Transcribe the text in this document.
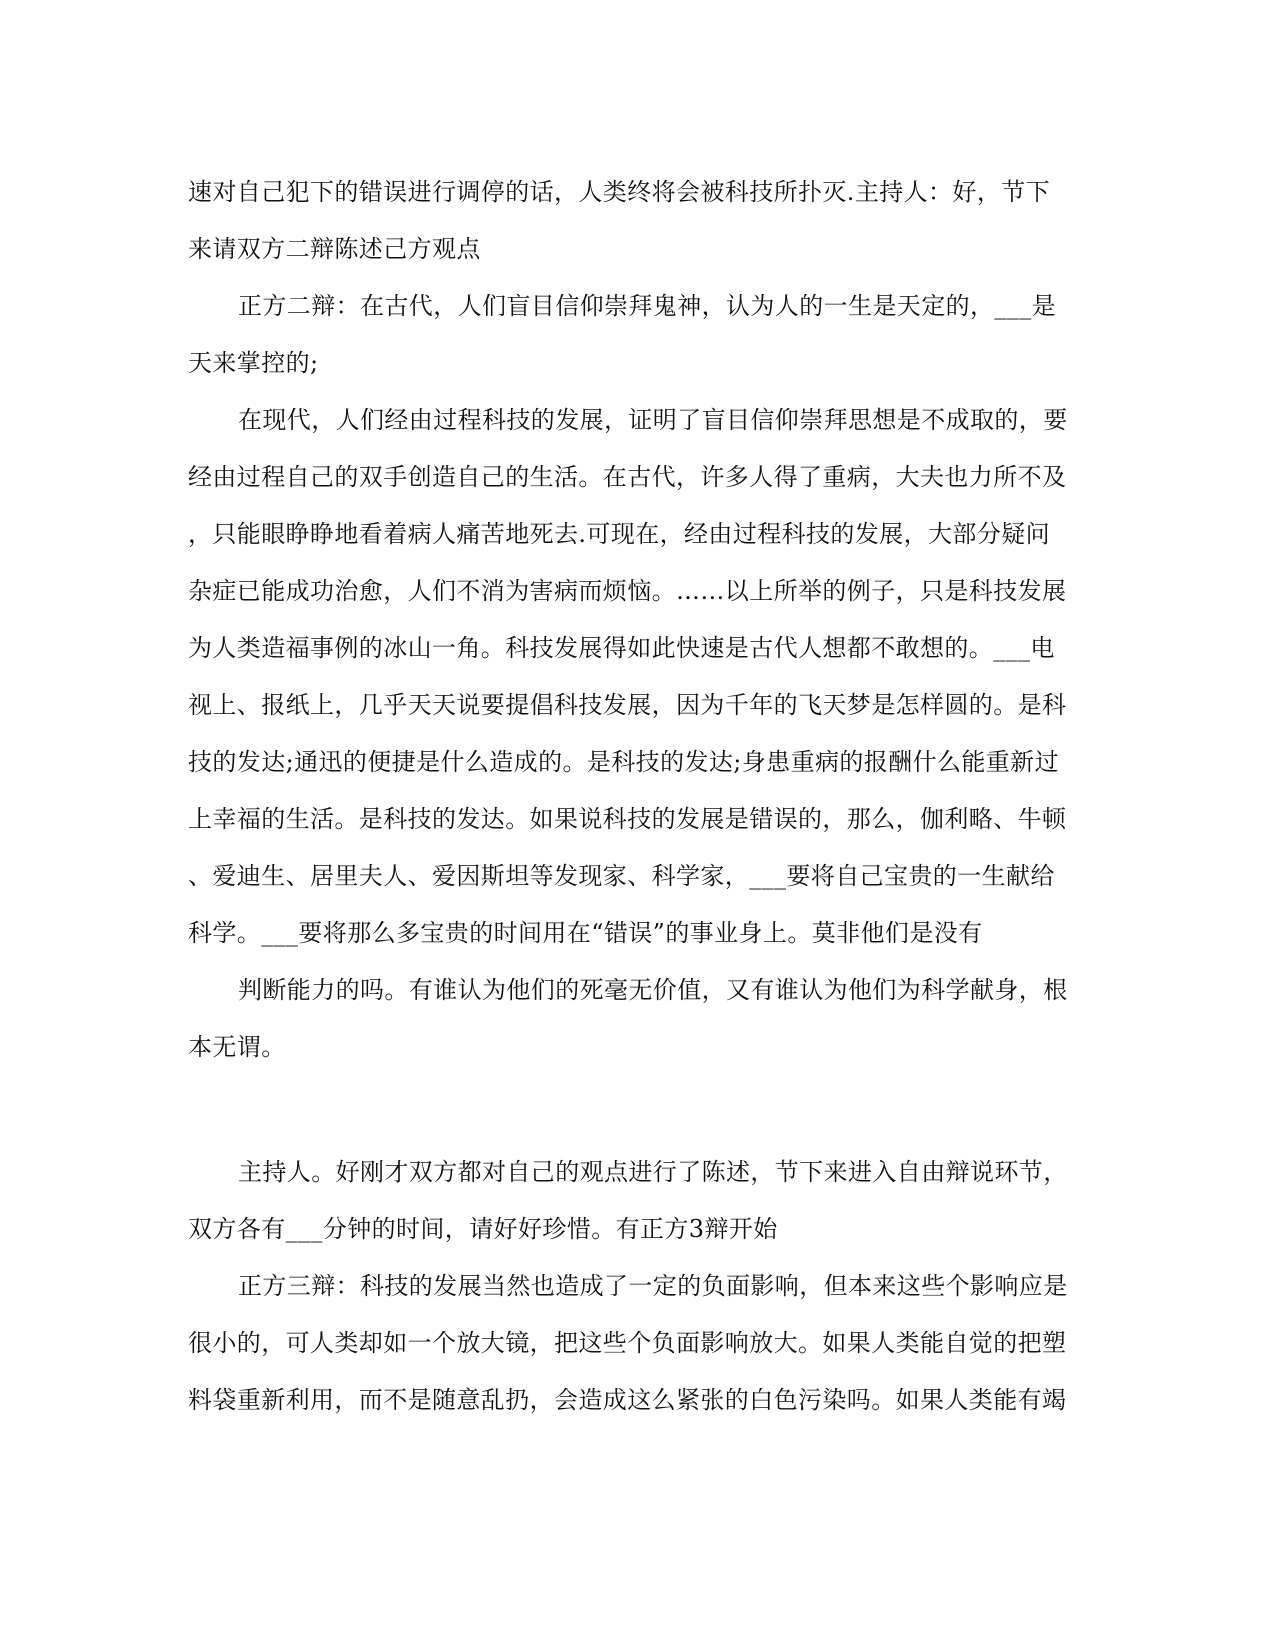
速对自己犯下的错误进行调停的话，人类终将会被科技所扑灭.主持人：好，节下
来请双方二辩陈述己方观点
正方二辩：在古代，人们盲目信仰崇拜鬼神，认为人的一生是天定的，___是
天来掌控的;
在现代，人们经由过程科技的发展，证明了盲目信仰崇拜思想是不成取的，要
经由过程自己的双手创造自己的生活。在古代，许多人得了重病，大夫也力所不及
，只能眼睁睁地看着病人痛苦地死去.可现在，经由过程科技的发展，大部分疑问
杂症已能成功治愈，人们不消为害病而烦恼。……以上所举的例子，只是科技发展
为人类造福事例的冰山一角。科技发展得如此快速是古代人想都不敢想的。___电
视上、报纸上，几乎天天说要提倡科技发展，因为千年的飞天梦是怎样圆的。是科
技的发达;通迅的便捷是什么造成的。是科技的发达;身患重病的报酬什么能重新过
上幸福的生活。是科技的发达。如果说科技的发展是错误的，那么，伽利略、牛顿
、爱迪生、居里夫人、爱因斯坦等发现家、科学家，___要将自己宝贵的一生献给
科学。___要将那么多宝贵的时间用在“错误”的事业身上。莫非他们是没有
判断能力的吗。有谁认为他们的死毫无价值，又有谁认为他们为科学献身，根
本无谓。
主持人。好刚才双方都对自己的观点进行了陈述，节下来进入自由辩说环节，
双方各有___分钟的时间，请好好珍惜。有正方3辩开始
正方三辩：科技的发展当然也造成了一定的负面影响，但本来这些个影响应是
很小的，可人类却如一个放大镜，把这些个负面影响放大。如果人类能自觉的把塑
料袋重新利用，而不是随意乱扔，会造成这么紧张的白色污染吗。如果人类能有竭
